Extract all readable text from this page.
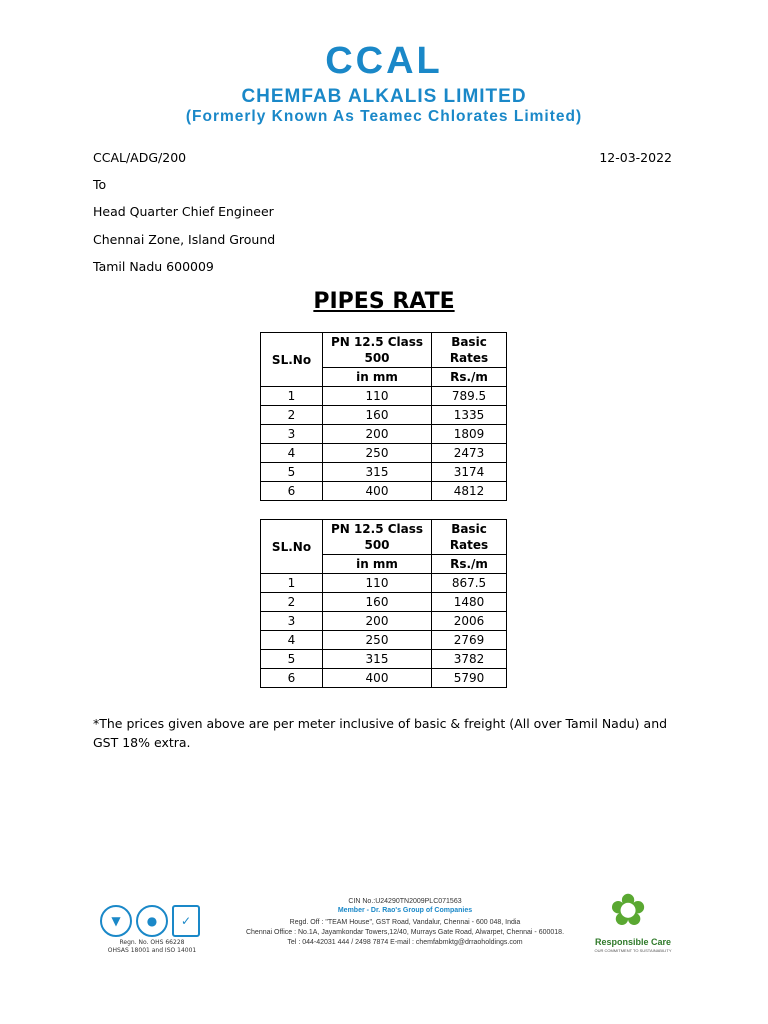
CCAL
CHEMFAB ALKALIS LIMITED
(Formerly Known As Teamec Chlorates Limited)
CCAL/ADG/200	12-03-2022
To
Head Quarter Chief Engineer
Chennai Zone, Island Ground
Tamil Nadu 600009
PIPES RATE
SL.No	PN 12.5 Class 500	Basic Rates
	in mm	Rs./m
1	110	789.5
2	160	1335
3	200	1809
4	250	2473
5	315	3174
6	400	4812
SL.No	PN 12.5 Class 500	Basic Rates
	in mm	Rs./m
1	110	867.5
2	160	1480
3	200	2006
4	250	2769
5	315	3782
6	400	5790
*The prices given above are per meter inclusive of basic & freight (All over Tamil Nadu) and GST 18% extra.
▼	●	✓
Regn. No. OHS 66228
OHSAS 18001 and ISO 14001
CIN No.:U24290TN2009PLC071563
Member - Dr. Rao's Group of Companies
Regd. Off : "TEAM House", GST Road, Vandalur, Chennai - 600 048, India
Chennai Office : No.1A, Jayamkondar Towers,12/40, Murrays Gate Road, Alwarpet, Chennai - 600018.
Tel : 044-42031 444 / 2498 7874 E-mail : chemfabmktg@drraoholdings.com
✿
Responsible Care
OUR COMMITMENT TO SUSTAINABILITY
